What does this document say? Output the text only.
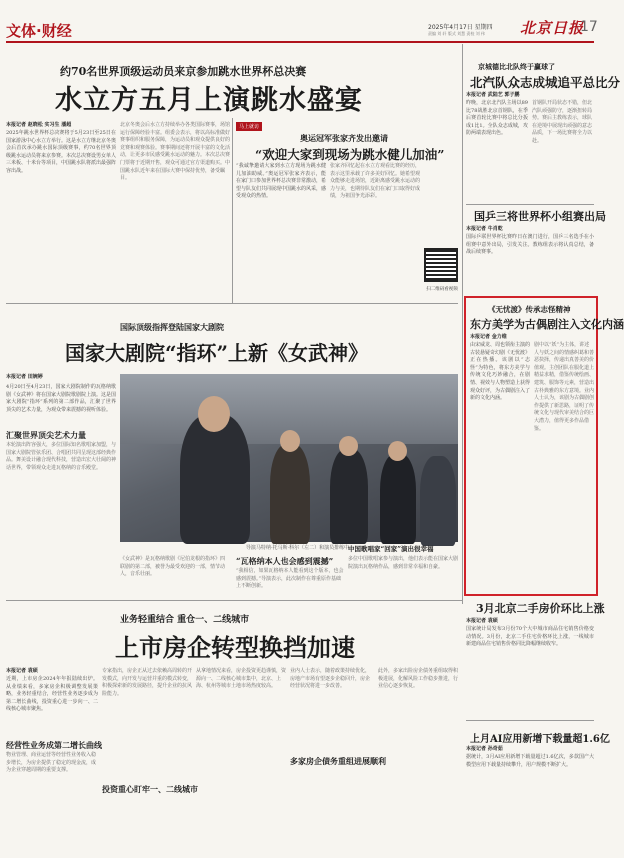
文体·财经	2025年4月17日 星期四
责编 刘 轩 版式 刘慧 责校 刘 伟 北京日报
17
约70名世界顶级运动员来京参加跳水世界杯总决赛
水立方五月上演跳水盛宴
本报记者 赵晓松 实习生 潘超
2025年跳水世界杯总决赛将于5月23日至25日在国家游泳中心水立方举行。这是水立方继北京冬奥会后首次承办跳水国际顶级赛事，约70名世界顶级跳水运动员将来京参赛。本次总决赛设男女单人三米板、十米台等项目，中国跳水队将派出最强阵容出战。
北京冬奥会后水立方持续举办各类国际赛事，场馆运行保障经验丰富。组委会表示，将以高标准做好赛事组织和服务保障，为运动员和观众提供良好的竞赛和观赛体验。赛事期间还将开展丰富的文化活动，让更多市民感受跳水运动的魅力。本次总决赛门票将于近期开售，观众可通过官方渠道购买。中国跳水队近年来在国际大赛中保持优势，备受瞩目。
马上就访
奥运冠军张家齐发出邀请
“欢迎大家到现场为跳水健儿加油”
“我诚挚邀请大家到水立方现场为跳水健儿加油助威。”奥运冠军张家齐表示，能在家门口参加世界杯总决赛非常激动，希望与队友们共同展现中国跳水的风采，感受观众的热情。
张家齐回忆起在水立方观看比赛的经历，表示这里承载了许多美好回忆。她希望观众能够走进场馆，近距离感受跳水运动的力与美，也期待队友们在家门口取得好成绩，为祖国争光添彩。
扫二维码看视频
国际顶级指挥登陆国家大剧院
国家大剧院“指环”上新《女武神》
本报记者 田婉婷
4月20日至4月23日，国家大剧院制作的瓦格纳歌剧《女武神》将在国家大剧院歌剧院上演。这是国家大剧院“指环”系列的第二部作品，汇聚了世界顶尖的艺术力量，为观众带来震撼的视听体验。
汇聚世界顶尖艺术力量
本轮演出阵容强大，多位国际知名歌唱家加盟，与国家大剧院管弦乐团、合唱团共同呈现这部经典作品。舞美设计融合现代科技，营造出宏大壮阔的神话世界，带领观众走进瓦格纳的音乐殿堂。
导演马特纳·托马斯·科尔（左二）和演员排练中。
《女武神》是瓦格纳歌剧《尼伯龙根的指环》四联剧的第二部，被誉为最受欢迎的一部，情节动人，音乐壮丽。
“瓦格纳本人也会感到震撼”
“我相信，如果瓦格纳本人能看到这个版本，也会感到震撼。”导演表示，此次制作在尊重原作基础上不断创新。
中国歌唱家“回家”演出很幸福
多位中国歌唱家参与演出，他们表示能在国家大剧院演出瓦格纳作品，感到非常幸福和自豪。
京城德比北队终于赢球了
北汽队众志成城追平总比分
本报记者 武陆艺 郭子鹏
昨晚，北京北汽队主场以89比78战胜北京首钢队，在季后赛首轮比赛中将总比分扳成1比1。全队众志成城，攻防两端表现出色。
首钢队开局状态不错，但北汽队顽强防守，逐渐扭转局势。赛后主教练表示，球队在逆境中展现出顽强的意志品质，下一场比赛将全力以赴。
国乒三将世界杯小组赛出局
本报记者 牛肖乾
国际乒联世界杯比赛昨日在澳门进行，国乒三名选手在小组赛中意外出局，引发关注。教练组表示将认真总结，备战后续赛事。
《无忧渡》传承志怪精神
东方美学为古偶剧注入文化内涵
本报记者 金力维
由宋威龙、周也领衔主演的古装悬疑奇幻剧《无忧渡》正在热播。该剧以“志怪”为特色，将东方美学与传统文化巧妙融合，在剧情、视效与人物塑造上获得观众好评，为古偶剧注入了新的文化内涵。
剧中以“妖”为主体，讲述人与妖之间的情感纠葛和善恶抉择，传递出真善美的价值观。主创团队在服化道上精益求精，借鉴传统绘画、建筑、服饰等元素，营造出古朴典雅的东方意境。业内人士认为，该剧为古偶剧创作提供了新思路，证明了传统文化与现代审美结合的巨大潜力，值得更多作品借鉴。
3月北京二手房价环比上涨
本报记者 袁硕
国家统计局发布3月份70个大中城市商品住宅销售价格变动情况。3月份，北京二手住宅价格环比上涨，一线城市新建商品住宅销售价格同比降幅继续收窄。
上月AI应用新增下载量超1.6亿
本报记者 孙奇茹
据统计，3月AI应用新增下载量超过1.6亿次，多款国产大模型应用下载量持续攀升，用户规模不断扩大。
业务轻重结合 重仓一、二线城市
上市房企转型换挡加速
本报记者 袁硕
近期，上市房企2024年年报陆续出炉。从业绩来看，多家房企积极调整发展策略，业务轻重结合，经营性业务逐步成为第二增长曲线，投资重心进一步向一、二线核心城市聚焦。
经营性业务成第二增长曲线
物业管理、商业运营等经营性业务收入稳步增长，为房企提供了稳定的现金流，成为企业穿越周期的重要支撑。
专家指出，房企正从过去依赖高周转的开发模式，向开发与运营并重的模式转变，积极探索新的发展路径，提升企业的抗风险能力。
投资重心盯牢一、二线城市
从拿地情况来看，房企投资更趋谨慎，资源向一、二线核心城市集中，北京、上海、杭州等城市土地市场热度较高。
多家房企债务重组进展顺利
业内人士表示，随着政策持续优化，房地产市场有望逐步企稳回升，房企经营状况将进一步改善。
此外，多家出险房企债务重组取得积极进展，化解风险工作稳步推进，行业信心逐步恢复。
